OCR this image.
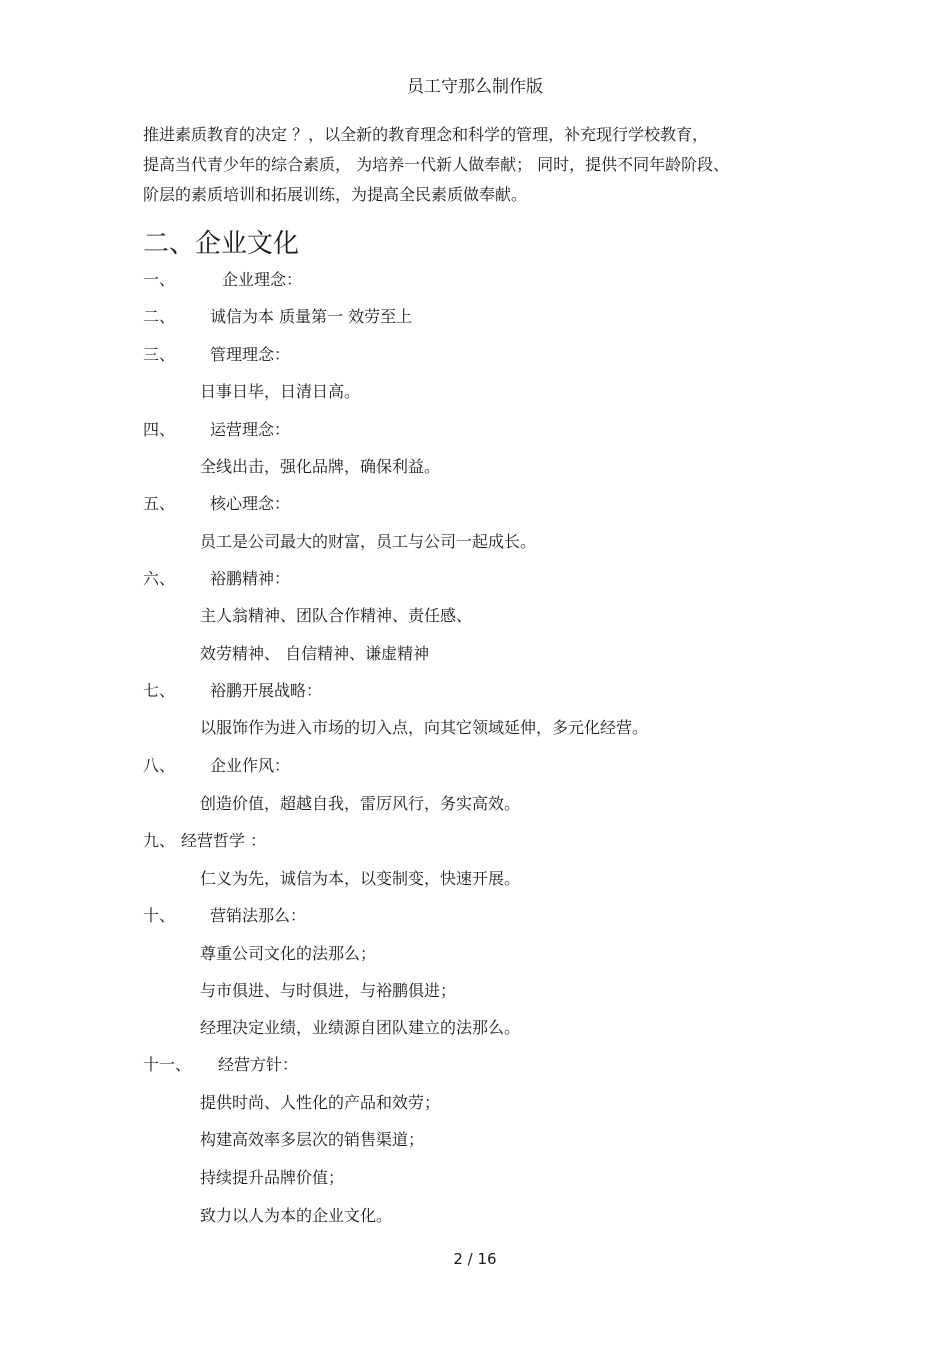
员工守那么制作版
推进素质教育的决定 ？，以全新的教育理念和科学的管理，补充现行学校教育，
提高当代青少年的综合素质， 为培养一代新人做奉献； 同时，提供不同年龄阶段、
阶层的素质培训和拓展训练，为提高全民素质做奉献。
二、企业文化
一、	企业理念：
二、 诚信为本 质量第一 效劳至上
三、 管理理念：
日事日毕，日清日高。
四、 运营理念：
全线出击，强化品牌，确保利益。
五、 核心理念：
员工是公司最大的财富，员工与公司一起成长。
六、 裕鹏精神：
主人翁精神、团队合作精神、责任感、
效劳精神、 自信精神、谦虚精神
七、 裕鹏开展战略：
以服饰作为进入市场的切入点，向其它领域延伸，多元化经营。
八、 企业作风：
创造价值，超越自我，雷厉风行，务实高效。
九、 经营哲学 ：
仁义为先，诚信为本，以变制变，快速开展。
十、 营销法那么：
尊重公司文化的法那么；
与市俱进、与时俱进，与裕鹏俱进；
经理决定业绩，业绩源自团队建立的法那么。
十一、 经营方针：
提供时尚、人性化的产品和效劳；
构建高效率多层次的销售渠道；
持续提升品牌价值；
致力以人为本的企业文化。
2 / 16
